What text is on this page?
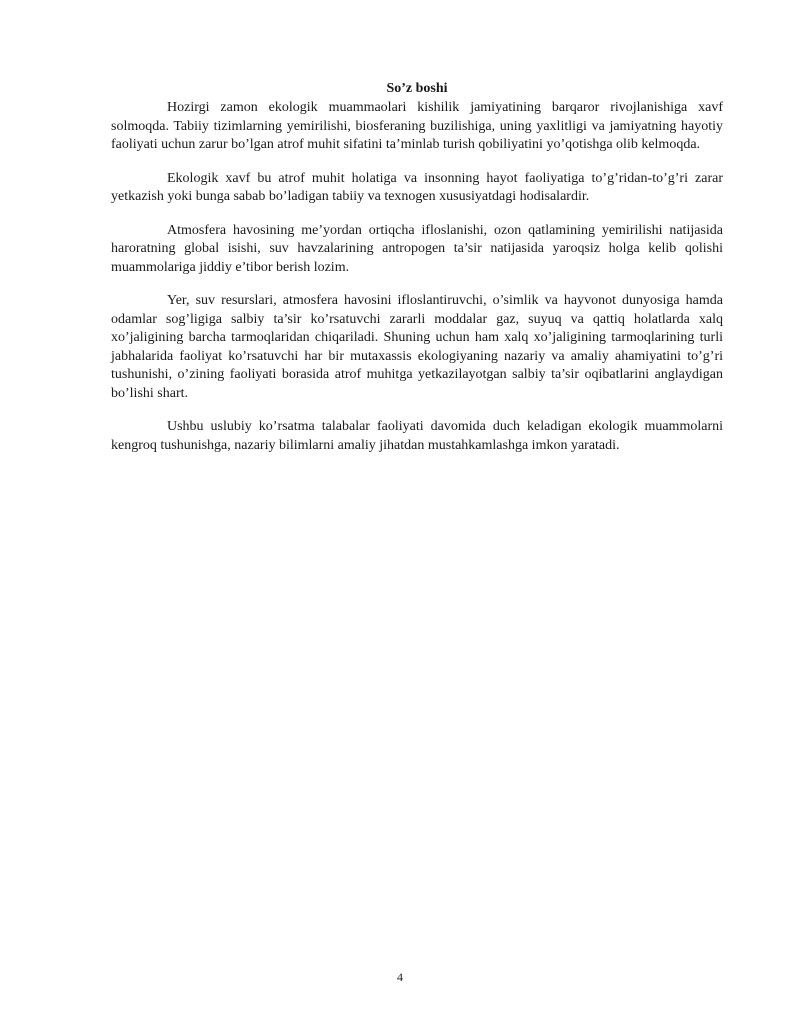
So’z boshi

Hozirgi zamon ekologik muammaolari kishilik jamiyatining barqaror rivojlanishiga xavf solmoqda. Tabiiy tizimlarning yemirilishi, biosferaning buzilishiga, uning yaxlitligi va jamiyatning hayotiy faoliyati uchun zarur bo’lgan atrof muhit sifatini ta’minlab turish qobiliyatini yo’qotishga olib kelmoqda.

Ekologik xavf bu atrof muhit holatiga va insonning hayot faoliyatiga to’g’ridan-to’g’ri zarar yetkazish yoki bunga sabab bo’ladigan tabiiy va texnogen xususiyatdagi hodisalardir.

Atmosfera havosining me’yordan ortiqcha ifloslanishi, ozon qatlamining yemirilishi natijasida haroratning global isishi, suv havzalarining antropogen ta’sir natijasida yaroqsiz holga kelib qolishi muammolariga jiddiy e’tibor berish lozim.

Yer, suv resurslari, atmosfera havosini ifloslantiruvchi, o’simlik va hayvonot dunyosiga hamda odamlar sog’ligiga salbiy ta’sir ko’rsatuvchi zararli moddalar gaz, suyuq va qattiq holatlarda xalq xo’jaligining barcha tarmoqlaridan chiqariladi. Shuning uchun ham xalq xo’jaligining tarmoqlarining turli jabhalarida faoliyat ko’rsatuvchi har bir mutaxassis ekologiyaning nazariy va amaliy ahamiyatini to’g’ri tushunishi, o’zining faoliyati borasida atrof muhitga yetkazilayotgan salbiy ta’sir oqibatlarini anglaydigan bo’lishi shart.

Ushbu uslubiy ko’rsatma talabalar faoliyati davomida duch keladigan ekologik muammolarni kengroq tushunishga, nazariy bilimlarni amaliy jihatdan mustahkamlashga imkon yaratadi.

4
